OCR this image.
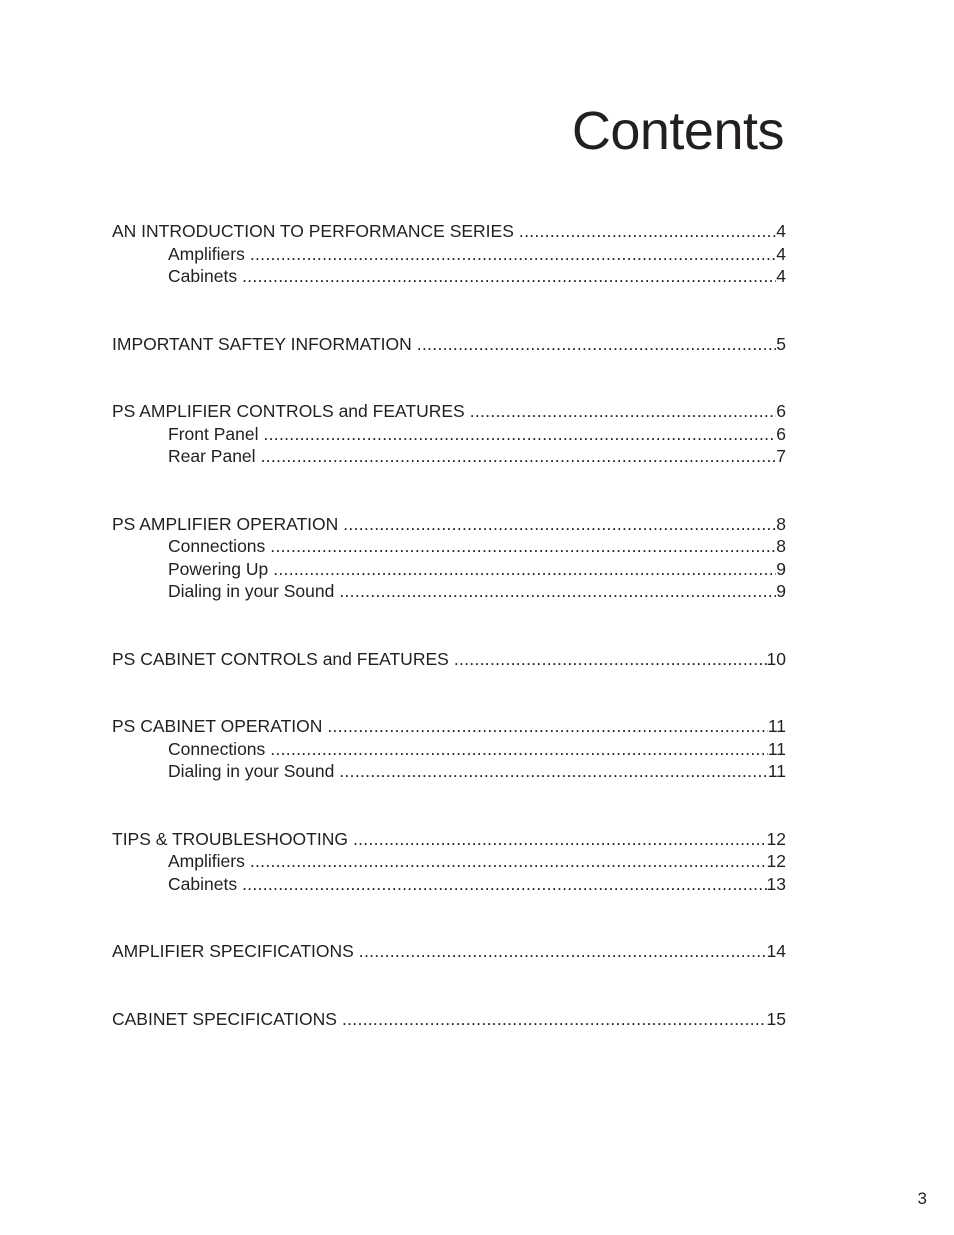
Contents
AN INTRODUCTION TO PERFORMANCE SERIES .....	4
Amplifiers .....	4
Cabinets .....	4
IMPORTANT SAFTEY INFORMATION .....	5
PS AMPLIFIER CONTROLS and FEATURES .....	6
Front Panel .....	6
Rear Panel .....	7
PS AMPLIFIER OPERATION .....	8
Connections .....	8
Powering Up .....	9
Dialing in your Sound .....	9
PS CABINET CONTROLS and FEATURES .....	10
PS CABINET OPERATION .....	11
Connections .....	11
Dialing in your Sound .....	11
TIPS & TROUBLESHOOTING .....	12
Amplifiers .....	12
Cabinets .....	13
AMPLIFIER SPECIFICATIONS .....	14
CABINET SPECIFICATIONS .....	15
3
